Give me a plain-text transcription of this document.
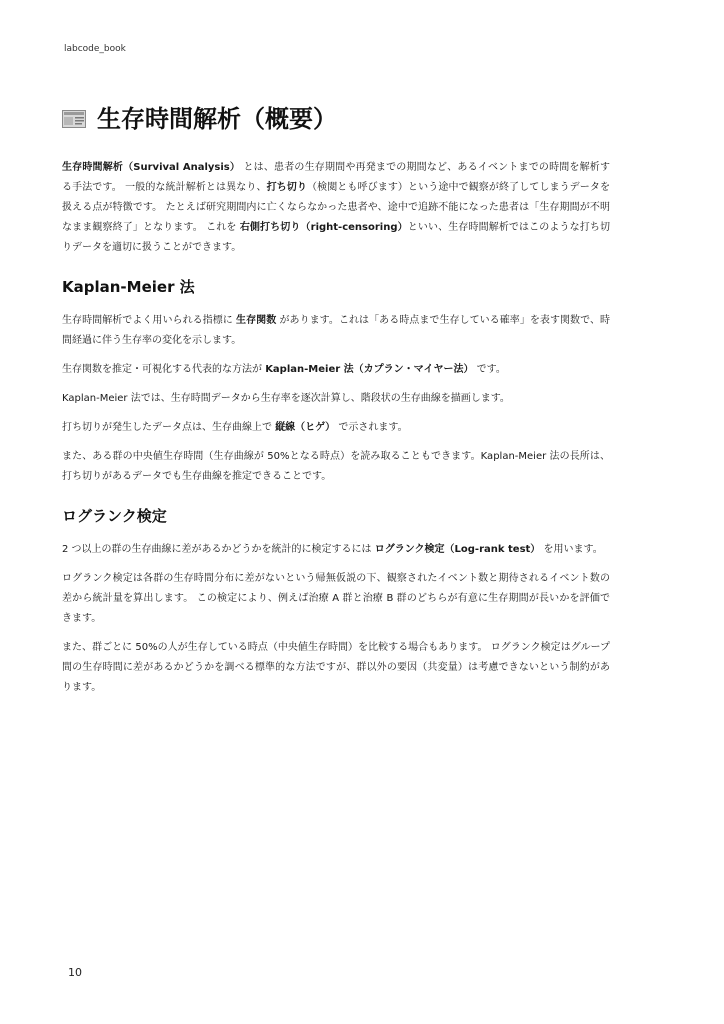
labcode_book
生存時間解析（概要）

生存時間解析（Survival Analysis） とは、患者の生存期間や再発までの期間など、あるイベントまでの時間を解析する手法です。 一般的な統計解析とは異なり、打ち切り（検閲とも呼びます）という途中で観察が終了してしまうデータを扱える点が特徴です。 たとえば研究期間内に亡くならなかった患者や、途中で追跡不能になった患者は「生存期間が不明なまま観察終了」となります。 これを 右側打ち切り（right-censoring）といい、生存時間解析ではこのような打ち切りデータを適切に扱うことができます。

Kaplan-Meier 法

生存時間解析でよく用いられる指標に 生存関数 があります。これは「ある時点まで生存している確率」を表す関数で、時間経過に伴う生存率の変化を示します。

生存関数を推定・可視化する代表的な方法が Kaplan-Meier 法（カプラン・マイヤー法） です。

Kaplan-Meier 法では、生存時間データから生存率を逐次計算し、階段状の生存曲線を描画します。

打ち切りが発生したデータ点は、生存曲線上で 縦線（ヒゲ） で示されます。

また、ある群の中央値生存時間（生存曲線が 50%となる時点）を読み取ることもできます。Kaplan-Meier 法の長所は、打ち切りがあるデータでも生存曲線を推定できることです。

ログランク検定

2 つ以上の群の生存曲線に差があるかどうかを統計的に検定するには ログランク検定（Log-rank test） を用います。

ログランク検定は各群の生存時間分布に差がないという帰無仮説の下、観察されたイベント数と期待されるイベント数の差から統計量を算出します。 この検定により、例えば治療 A 群と治療 B 群のどちらが有意に生存期間が長いかを評価できます。

また、群ごとに 50%の人が生存している時点（中央値生存時間）を比較する場合もあります。 ログランク検定はグループ間の生存時間に差があるかどうかを調べる標準的な方法ですが、群以外の要因（共変量）は考慮できないという制約があります。

10
